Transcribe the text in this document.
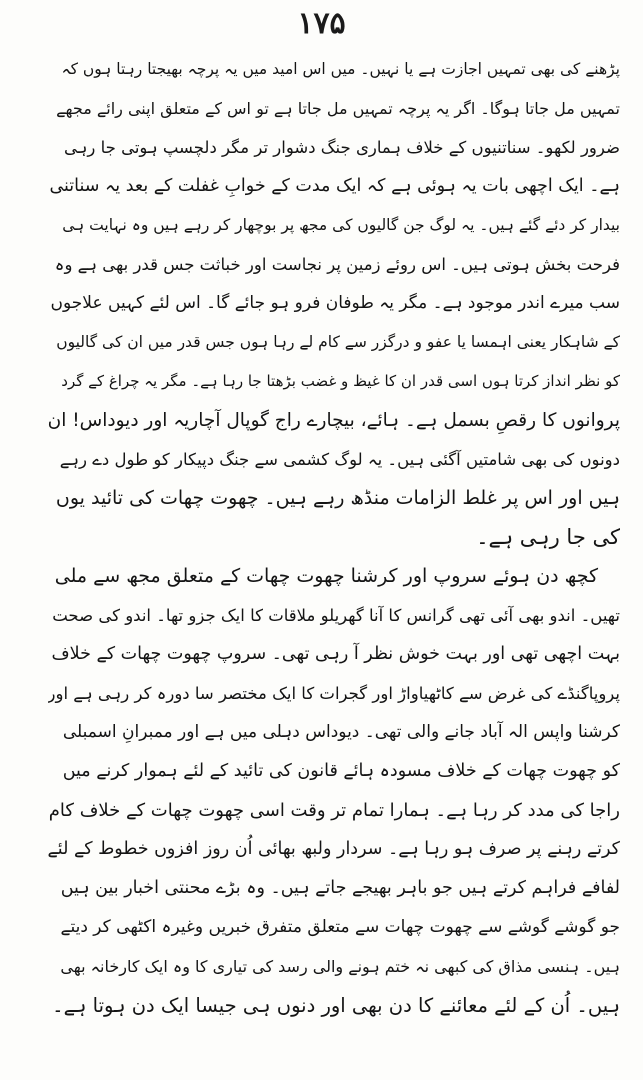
۱۷۵
پڑھنے کی بھی تمہیں اجازت ہے یا نہیں۔ میں اس امید میں یہ پرچہ بھیجتا رہتا ہوں کہ
تمہیں مل جاتا ہوگا۔ اگر یہ پرچہ تمہیں مل جاتا ہے تو اس کے متعلق اپنی رائے مجھے
ضرور لکھو۔ سناتنیوں کے خلاف ہماری جنگ دشوار تر مگر دلچسپ ہوتی جا رہی
ہے۔ ایک اچھی بات یہ ہوئی ہے کہ ایک مدت کے خوابِ غفلت کے بعد یہ سناتنی
بیدار کر دئے گئے ہیں۔ یہ لوگ جن گالیوں کی مجھ پر بوچھار کر رہے ہیں وہ نہایت ہی
فرحت بخش ہوتی ہیں۔ اس روئے زمین پر نجاست اور خباثت جس قدر بھی ہے وہ
سب میرے اندر موجود ہے۔ مگر یہ طوفان فرو ہو جائے گا۔ اس لئے کہیں علاجوں
کے شاہکار یعنی اہمسا یا عفو و درگزر سے کام لے رہا ہوں جس قدر میں ان کی گالیوں
کو نظر انداز کرتا ہوں اسی قدر ان کا غیظ و غضب بڑھتا جا رہا ہے۔ مگر یہ چراغ کے گرد
پروانوں کا رقصِ بسمل ہے۔ ہائے، بیچارے راج گوپال آچاریہ اور دیوداس! ان
دونوں کی بھی شامتیں آگئی ہیں۔ یہ لوگ کشمی سے جنگ دپیکار کو طول دے رہے
ہیں اور اس پر غلط الزامات منڈھ رہے ہیں۔ چھوت چھات کی تائید یوں
کی جا رہی ہے۔
کچھ دن ہوئے سروپ اور کرشنا چھوت چھات کے متعلق مجھ سے ملی
تھیں۔ اندو بھی آئی تھی گرانس کا آنا گھریلو ملاقات کا ایک جزو تھا۔ اندو کی صحت
بہت اچھی تھی اور بہت خوش نظر آ رہی تھی۔ سروپ چھوت چھات کے خلاف
پروپاگنڈے کی غرض سے کاٹھیاواڑ اور گجرات کا ایک مختصر سا دورہ کر رہی ہے اور
کرشنا واپس الہ آباد جانے والی تھی۔ دیوداس دہلی میں ہے اور ممبرانِ اسمبلی
کو چھوت چھات کے خلاف مسودہ ہائے قانون کی تائید کے لئے ہموار کرنے میں
راجا کی مدد کر رہا ہے۔ ہمارا تمام تر وقت اسی چھوت چھات کے خلاف کام
کرتے رہنے پر صرف ہو رہا ہے۔ سردار ولبھ بھائی اُن روز افزوں خطوط کے لئے
لفافے فراہم کرتے ہیں جو باہر بھیجے جاتے ہیں۔ وہ بڑے محنتی اخبار بین ہیں
جو گوشے گوشے سے چھوت چھات سے متعلق متفرق خبریں وغیرہ اکٹھی کر دیتے
ہیں۔ ہنسی مذاق کی کبھی نہ ختم ہونے والی رسد کی تیاری کا وہ ایک کارخانہ بھی
ہیں۔ اُن کے لئے معائنے کا دن بھی اور دنوں ہی جیسا ایک دن ہوتا ہے۔
